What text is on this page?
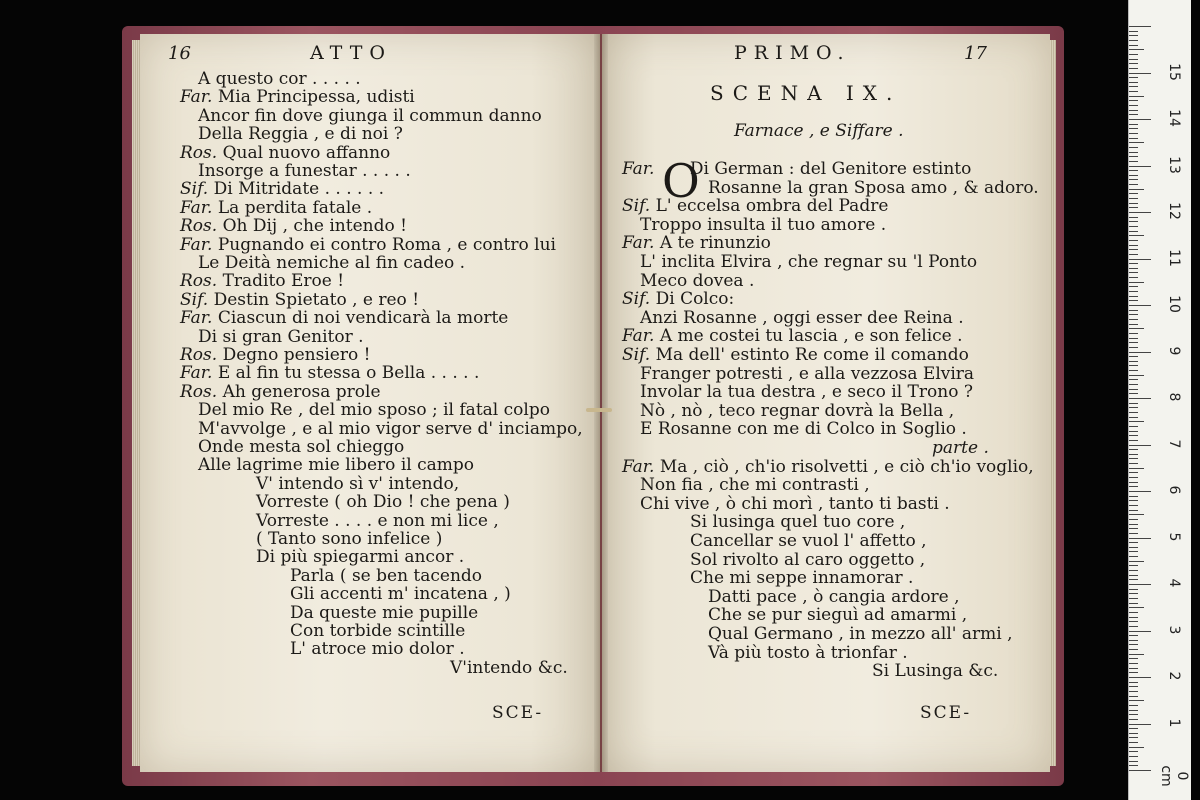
16	ATTO
A questo cor . . . . .
Far. Mia Principessa, udisti
Ancor fin dove giunga il commun danno
Della Reggia , e di noi ?
Ros. Qual nuovo affanno
Insorge a funestar . . . . .
Sif. Di Mitridate . . . . . .
Far. La perdita fatale .
Ros. Oh Dij , che intendo !
Far. Pugnando ei contro Roma , e contro lui
Le Deità nemiche al fin cadeo .
Ros. Tradito Eroe !
Sif. Destin Spietato , e reo !
Far. Ciascun di noi vendicarà la morte
Di si gran Genitor .
Ros. Degno pensiero !
Far. E al fin tu stessa o Bella . . . . .
Ros. Ah generosa prole
Del mio Re , del mio sposo ; il fatal colpo
M'avvolge , e al mio vigor serve d' inciampo,
Onde mesta sol chieggo
Alle lagrime mie libero il campo
V' intendo sì v' intendo,
Vorreste ( oh Dio ! che pena )
Vorreste . . . . e non mi lice ,
( Tanto sono infelice )
Di più spiegarmi ancor .
Parla ( se ben tacendo
Gli accenti m' incatena , )
Da queste mie pupille
Con torbide scintille
L' atroce mio dolor .
V'intendo &c.
SCE-
PRIMO.	17
SCENA IX.
Farnace , e Siffare .
O
Far. Di German : del Genitore estinto
Rosanne la gran Sposa amo , & adoro.
Sif. L' eccelsa ombra del Padre
Troppo insulta il tuo amore .
Far. A te rinunzio
L' inclita Elvira , che regnar su 'l Ponto
Meco dovea .
Sif. Di Colco:
Anzi Rosanne , oggi esser dee Reina .
Far. A me costei tu lascia , e son felice .
Sif. Ma dell' estinto Re come il comando
Franger potresti , e alla vezzosa Elvira
Involar la tua destra , e seco il Trono ?
Nò , nò , teco regnar dovrà la Bella ,
E Rosanne con me di Colco in Soglio .
parte .
Far. Ma , ciò , ch'io risolvetti , e ciò ch'io voglio,
Non fia , che mi contrasti ,
Chi vive , ò chi morì , tanto ti basti .
Si lusinga quel tuo core ,
Cancellar se vuol l' affetto ,
Sol rivolto al caro oggetto ,
Che mi seppe innamorar .
Datti pace , ò cangia ardore ,
Che se pur sieguì ad amarmi ,
Qual Germano , in mezzo all' armi ,
Và più tosto à trionfar .
Si Lusinga &c.
SCE-
0 cm
1
2
3
4
5
6
7
8
9
10
11
12
13
14
15
